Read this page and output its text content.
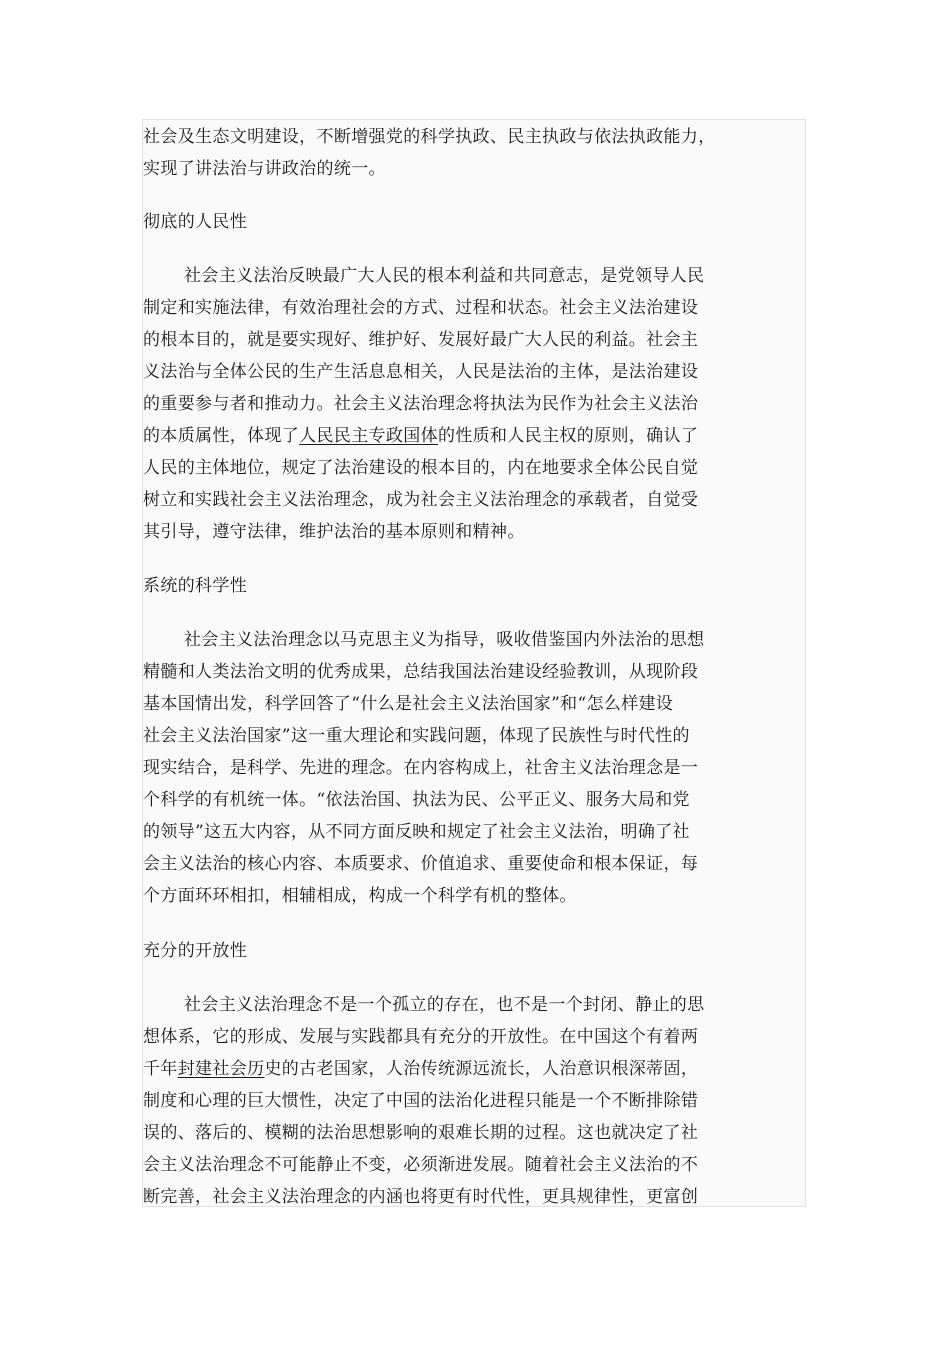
社会及生态文明建设，不断增强党的科学执政、民主执政与依法执政能力，
实现了讲法治与讲政治的统一。
彻底的人民性
社会主义法治反映最广大人民的根本利益和共同意志，是党领导人民
制定和实施法律，有效治理社会的方式、过程和状态。社会主义法治建设
的根本目的，就是要实现好、维护好、发展好最广大人民的利益。社会主
义法治与全体公民的生产生活息息相关，人民是法治的主体，是法治建设
的重要参与者和推动力。社会主义法治理念将执法为民作为社会主义法治
的本质属性，体现了人民民主专政国体的性质和人民主权的原则，确认了
人民的主体地位，规定了法治建设的根本目的，内在地要求全体公民自觉
树立和实践社会主义法治理念，成为社会主义法治理念的承载者，自觉受
其引导，遵守法律，维护法治的基本原则和精神。
系统的科学性
社会主义法治理念以马克思主义为指导，吸收借鉴国内外法治的思想
精髓和人类法治文明的优秀成果，总结我国法治建设经验教训，从现阶段
基本国情出发，科学回答了“什么是社会主义法治国家”和“怎么样建设
社会主义法治国家”这一重大理论和实践问题，体现了民族性与时代性的
现实结合，是科学、先进的理念。在内容构成上，社舍主义法治理念是一
个科学的有机统一体。“依法治国、执法为民、公平正义、服务大局和党
的领导”这五大内容，从不同方面反映和规定了社会主义法治，明确了社
会主义法治的核心内容、本质要求、价值追求、重要使命和根本保证，每
个方面环环相扣，相辅相成，构成一个科学有机的整体。
充分的开放性
社会主义法治理念不是一个孤立的存在，也不是一个封闭、静止的思
想体系，它的形成、发展与实践都具有充分的开放性。在中国这个有着两
千年封建社会历史的古老国家，人治传统源远流长，人治意识根深蒂固，
制度和心理的巨大惯性，决定了中国的法治化进程只能是一个不断排除错
误的、落后的、模糊的法治思想影响的艰难长期的过程。这也就决定了社
会主义法治理念不可能静止不变，必须渐进发展。随着社会主义法治的不
断完善，社会主义法治理念的内涵也将更有时代性，更具规律性，更富创
